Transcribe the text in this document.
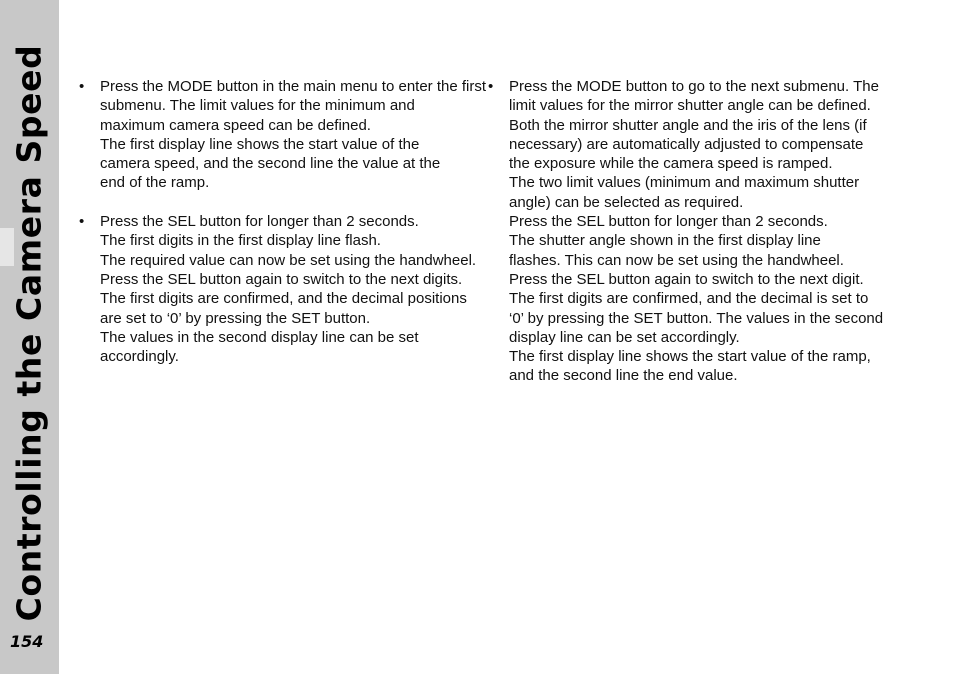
Controlling the Camera Speed
154
• Press the MODE button in the main menu to enter the first
submenu. The limit values for the minimum and
maximum camera speed can be defined.
The first display line shows the start value of the
camera speed, and the second line the value at the
end of the ramp.
• Press the SEL button for longer than 2 seconds.
The first digits in the first display line flash.
The required value can now be set using the handwheel.
Press the SEL button again to switch to the next digits.
The first digits are confirmed, and the decimal positions
are set to ‘0’ by pressing the SET button.
The values in the second display line can be set
accordingly.
• Press the MODE button to go to the next submenu. The
limit values for the mirror shutter angle can be defined.
Both the mirror shutter angle and the iris of the lens (if
necessary) are automatically adjusted to compensate
the exposure while the camera speed is ramped.
The two limit values (minimum and maximum shutter
angle) can be selected as required.
Press the SEL button for longer than 2 seconds.
The shutter angle shown in the first display line
flashes. This can now be set using the handwheel.
Press the SEL button again to switch to the next digit.
The first digits are confirmed, and the decimal is set to
‘0’ by pressing the SET button. The values in the second
display line can be set accordingly.
The first display line shows the start value of the ramp,
and the second line the end value.
